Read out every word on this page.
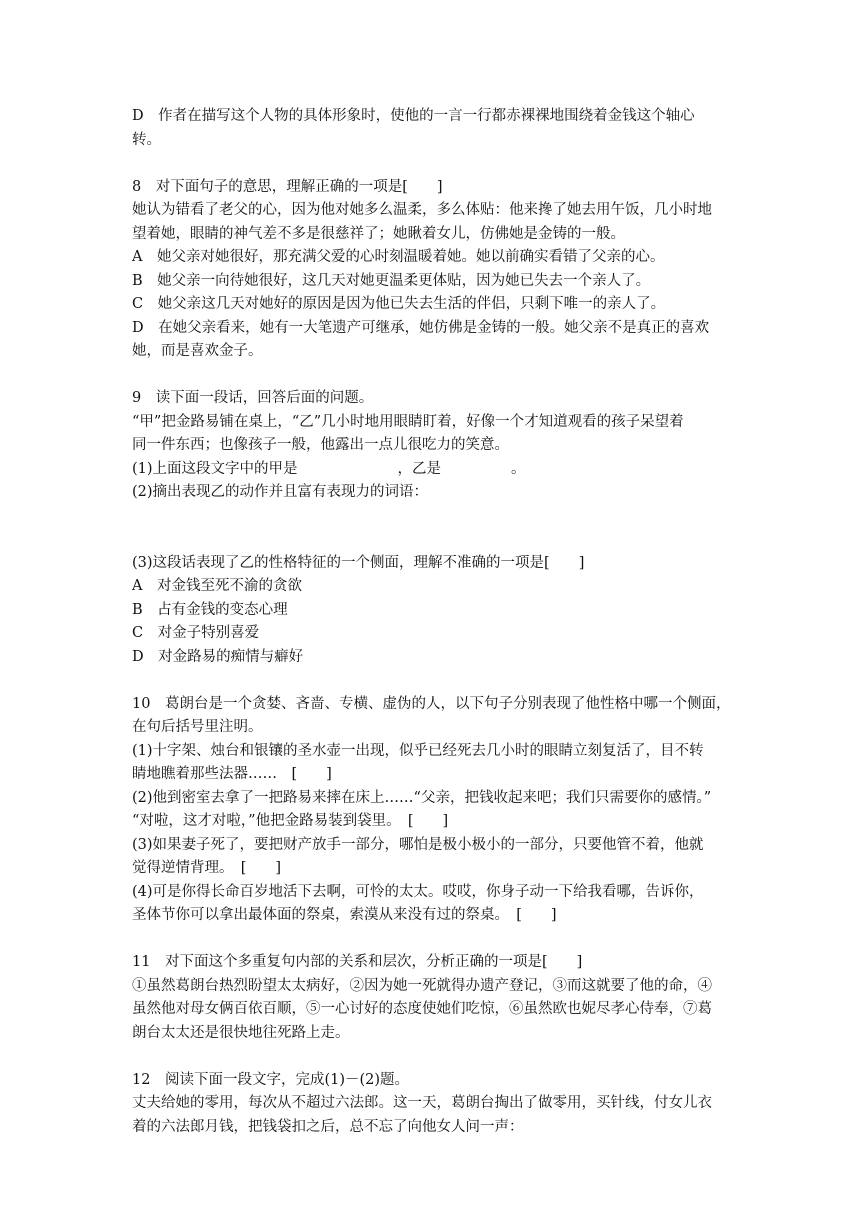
D　作者在描写这个人物的具体形象时，使他的一言一行都赤裸裸地围绕着金钱这个轴心
转。
8　对下面句子的意思，理解正确的一项是[　　]
她认为错看了老父的心，因为他对她多么温柔，多么体贴：他来搀了她去用午饭，几小时地
望着她，眼睛的神气差不多是很慈祥了；她瞅着女儿，仿佛她是金铸的一般。
A　她父亲对她很好，那充满父爱的心时刻温暖着她。她以前确实看错了父亲的心。
B　她父亲一向待她很好，这几天对她更温柔更体贴，因为她已失去一个亲人了。
C　她父亲这几天对她好的原因是因为他已失去生活的伴侣，只剩下唯一的亲人了。
D　在她父亲看来，她有一大笔遗产可继承，她仿佛是金铸的一般。她父亲不是真正的喜欢
她，而是喜欢金子。
9　读下面一段话，回答后面的问题。
“甲”把金路易铺在桌上，“乙”几小时地用眼睛盯着，好像一个才知道观看的孩子呆望着
同一件东西；也像孩子一般，他露出一点儿很吃力的笑意。
(1)上面这段文字中的甲是	，乙是	。
(2)摘出表现乙的动作并且富有表现力的词语：
(3)这段话表现了乙的性格特征的一个侧面，理解不准确的一项是[　　]
A　对金钱至死不渝的贪欲
B　占有金钱的变态心理
C　对金子特别喜爱
D　对金路易的痴情与癖好
10　葛朗台是一个贪婪、吝啬、专横、虚伪的人，以下句子分别表现了他性格中哪一个侧面，
在句后括号里注明。
(1)十字架、烛台和银镶的圣水壶一出现，似乎已经死去几小时的眼睛立刻复活了，目不转
睛地瞧着那些法器……　[　　]
(2)他到密室去拿了一把路易来摔在床上……“父亲，把钱收起来吧；我们只需要你的感情。”
“对啦，这才对啦，”他把金路易装到袋里。　[　　]
(3)如果妻子死了，要把财产放手一部分，哪怕是极小极小的一部分，只要他管不着，他就
觉得逆情背理。　[　　]
(4)可是你得长命百岁地活下去啊，可怜的太太。哎哎，你身子动一下给我看哪，告诉你，
圣体节你可以拿出最体面的祭桌，索漠从来没有过的祭桌。　[　　]
11　对下面这个多重复句内部的关系和层次，分析正确的一项是[　　]
①虽然葛朗台热烈盼望太太病好，②因为她一死就得办遗产登记，③而这就要了他的命，④
虽然他对母女俩百依百顺，⑤一心讨好的态度使她们吃惊，⑥虽然欧也妮尽孝心侍奉，⑦葛
朗台太太还是很快地往死路上走。
12　阅读下面一段文字，完成(1)－(2)题。
丈夫给她的零用，每次从不超过六法郎。这一天，葛朗台掏出了做零用，买针线，付女儿衣
着的六法郎月钱，把钱袋扣之后，总不忘了向他女人问一声：
